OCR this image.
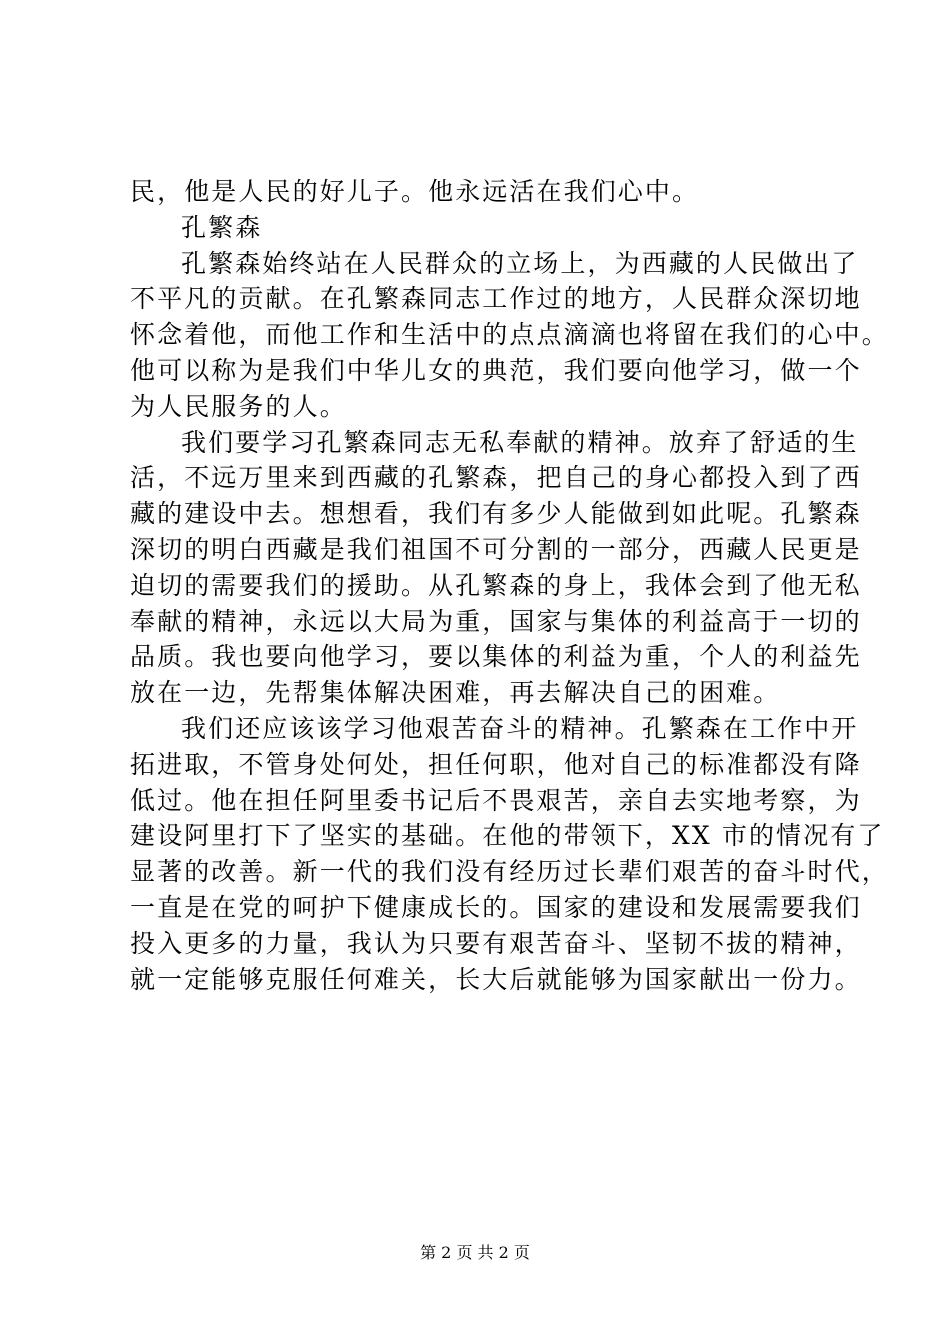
民，他是人民的好儿子。他永远活在我们心中。
孔繁森
孔繁森始终站在人民群众的立场上，为西藏的人民做出了
不平凡的贡献。在孔繁森同志工作过的地方，人民群众深切地
怀念着他，而他工作和生活中的点点滴滴也将留在我们的心中。
他可以称为是我们中华儿女的典范，我们要向他学习，做一个
为人民服务的人。
我们要学习孔繁森同志无私奉献的精神。放弃了舒适的生
活，不远万里来到西藏的孔繁森，把自己的身心都投入到了西
藏的建设中去。想想看，我们有多少人能做到如此呢。孔繁森
深切的明白西藏是我们祖国不可分割的一部分，西藏人民更是
迫切的需要我们的援助。从孔繁森的身上，我体会到了他无私
奉献的精神，永远以大局为重，国家与集体的利益高于一切的
品质。我也要向他学习，要以集体的利益为重，个人的利益先
放在一边，先帮集体解决困难，再去解决自己的困难。
我们还应该该学习他艰苦奋斗的精神。孔繁森在工作中开
拓进取，不管身处何处，担任何职，他对自己的标准都没有降
低过。他在担任阿里委书记后不畏艰苦，亲自去实地考察，为
建设阿里打下了坚实的基础。在他的带领下，XX 市的情况有了
显著的改善。新一代的我们没有经历过长辈们艰苦的奋斗时代，
一直是在党的呵护下健康成长的。国家的建设和发展需要我们
投入更多的力量，我认为只要有艰苦奋斗、坚韧不拔的精神，
就一定能够克服任何难关，长大后就能够为国家献出一份力。
第 2 页 共 2 页
